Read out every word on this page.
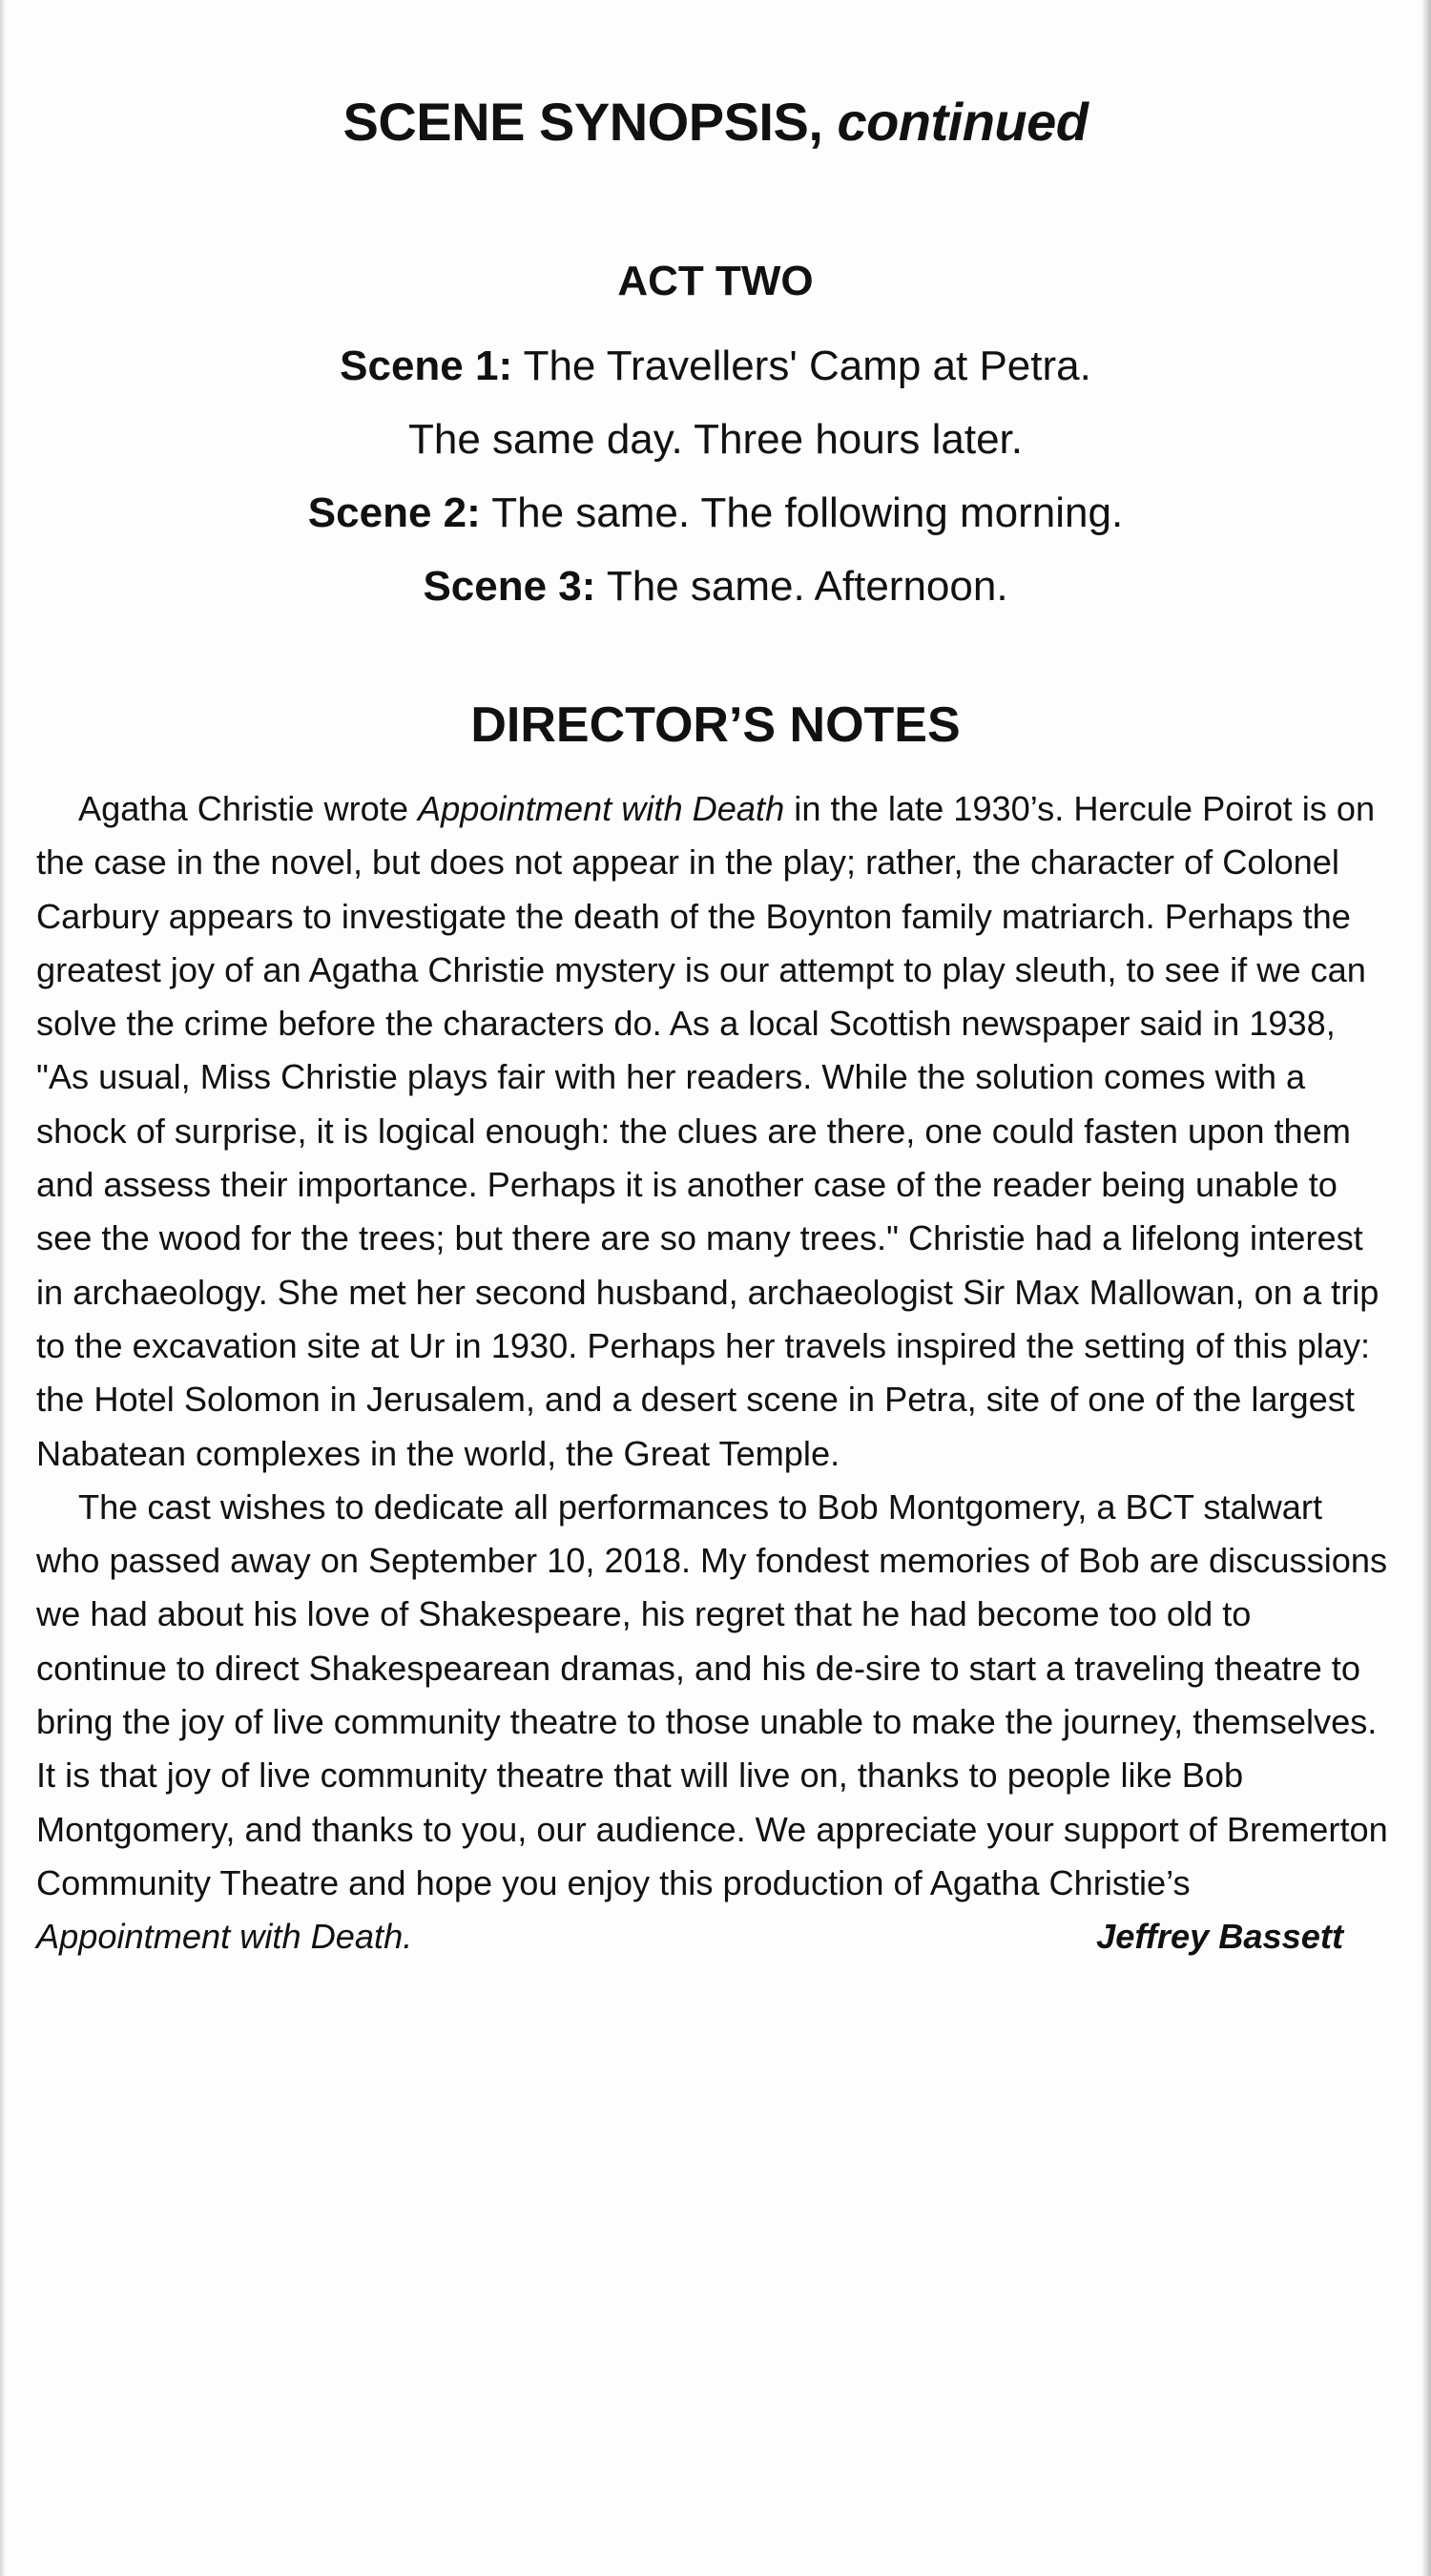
SCENE SYNOPSIS, continued
ACT TWO
Scene 1: The Travellers' Camp at Petra.
The same day. Three hours later.
Scene 2: The same. The following morning.
Scene 3: The same. Afternoon.
DIRECTOR’S NOTES

Agatha Christie wrote Appointment with Death in the late 1930’s. Hercule Poirot is on the case in the novel, but does not appear in the play; rather, the character of Colonel Carbury appears to investigate the death of the Boynton family matriarch. Perhaps the greatest joy of an Agatha Christie mystery is our attempt to play sleuth, to see if we can solve the crime before the characters do. As a local Scottish newspaper said in 1938, "As usual, Miss Christie plays fair with her readers. While the solution comes with a shock of surprise, it is logical enough: the clues are there, one could fasten upon them and assess their importance. Perhaps it is another case of the reader being unable to see the wood for the trees; but there are so many trees." Christie had a lifelong interest in archaeology. She met her second husband, archaeologist Sir Max Mallowan, on a trip to the excavation site at Ur in 1930. Perhaps her travels inspired the setting of this play: the Hotel Solomon in Jerusalem, and a desert scene in Petra, site of one of the largest Nabatean complexes in the world, the Great Temple.

The cast wishes to dedicate all performances to Bob Montgomery, a BCT stalwart who passed away on September 10, 2018. My fondest memories of Bob are discussions we had about his love of Shakespeare, his regret that he had become too old to continue to direct Shakespearean dramas, and his de-sire to start a traveling theatre to bring the joy of live community theatre to those unable to make the journey, themselves. It is that joy of live community theatre that will live on, thanks to people like Bob Montgomery, and thanks to you, our audience. We appreciate your support of Bremerton Community Theatre and hope you enjoy this production of Agatha Christie’s Appointment with Death.	Jeffrey Bassett
